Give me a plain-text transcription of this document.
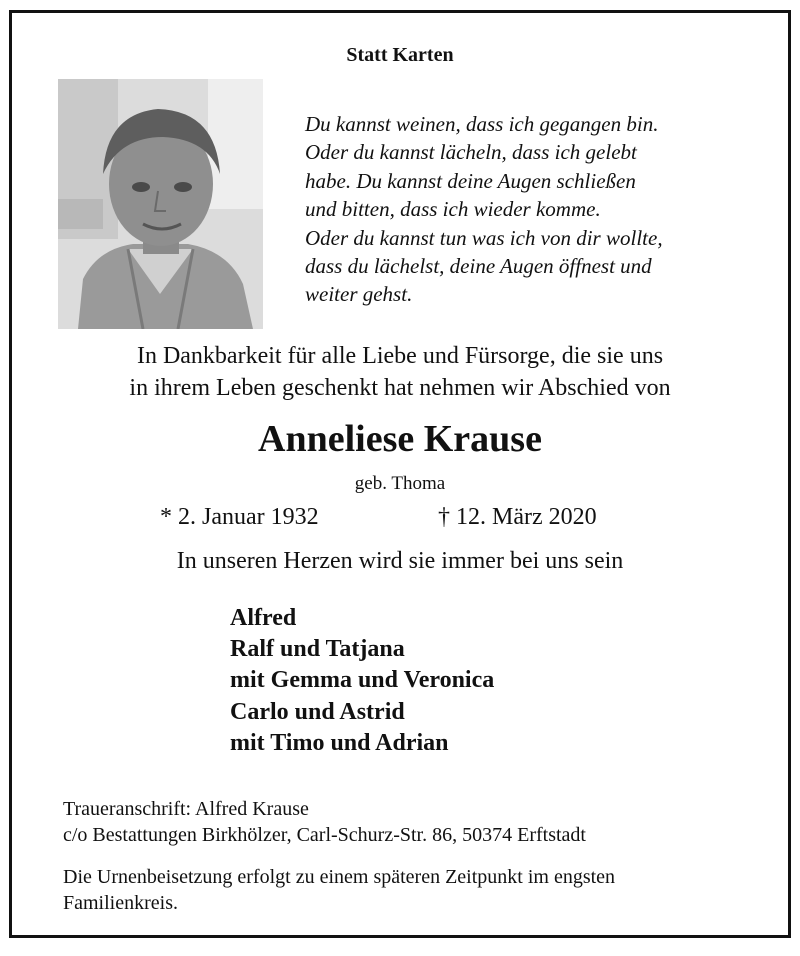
Statt Karten
Du kannst weinen, dass ich gegangen bin.
Oder du kannst lächeln, dass ich gelebt
habe. Du kannst deine Augen schließen
und bitten, dass ich wieder komme.
Oder du kannst tun was ich von dir wollte,
dass du lächelst, deine Augen öffnest und
weiter gehst.
In Dankbarkeit für alle Liebe und Fürsorge, die sie uns
in ihrem Leben geschenkt hat nehmen wir Abschied von
Anneliese Krause
geb. Thoma
* 2. Januar 1932	† 12. März 2020
In unseren Herzen wird sie immer bei uns sein
Alfred
Ralf und Tatjana
mit Gemma und Veronica
Carlo und Astrid
mit Timo und Adrian
Traueranschrift: Alfred Krause
c/o Bestattungen Birkhölzer, Carl-Schurz-Str. 86, 50374 Erftstadt
Die Urnenbeisetzung erfolgt zu einem späteren Zeitpunkt im engsten
Familienkreis.
